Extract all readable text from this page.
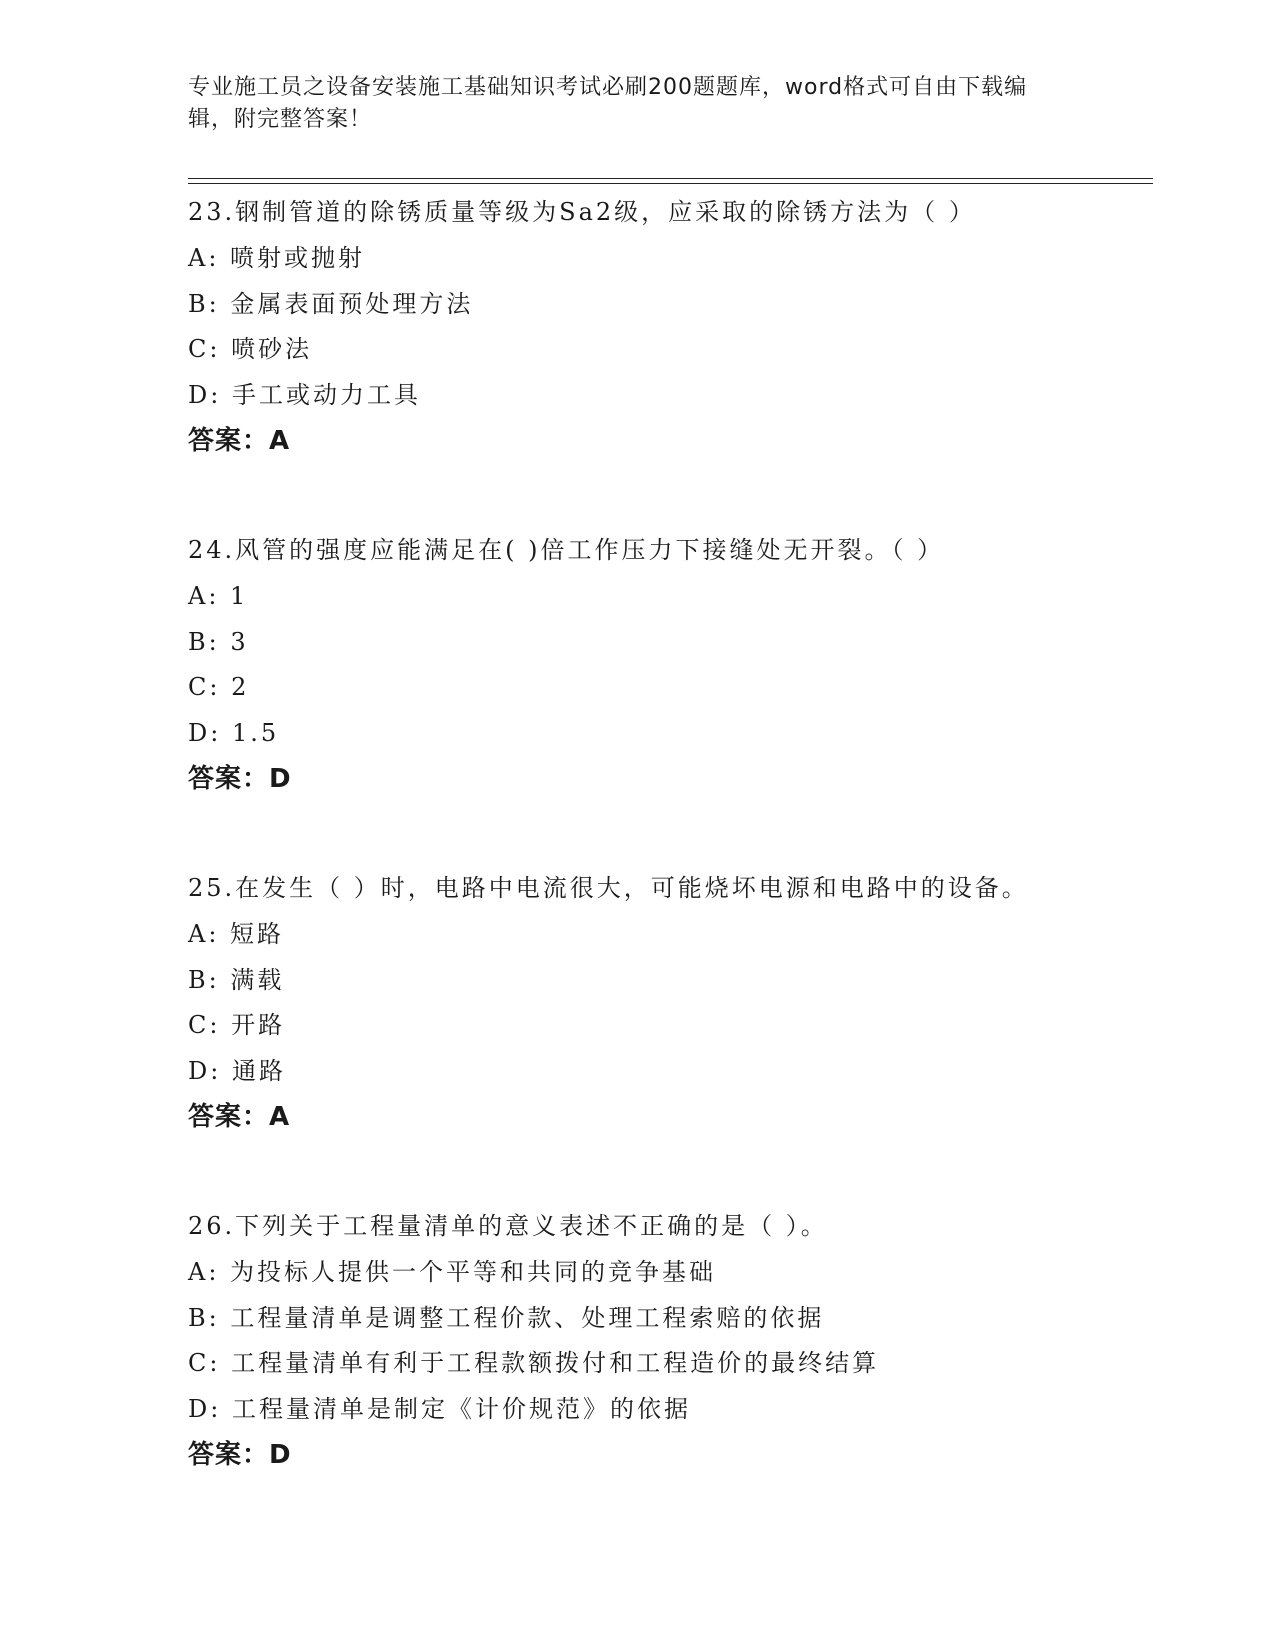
专业施工员之设备安装施工基础知识考试必刷200题题库，word格式可自由下载编辑，附完整答案！

23.钢制管道的除锈质量等级为Sa2级，应采取的除锈方法为（ ）

A: 喷射或抛射

B: 金属表面预处理方法

C: 喷砂法

D: 手工或动力工具

答案：A

24.风管的强度应能满足在( )倍工作压力下接缝处无开裂。（ ）

A: 1

B: 3

C: 2

D: 1.5

答案：D

25.在发生（ ）时，电路中电流很大，可能烧坏电源和电路中的设备。

A: 短路

B: 满载

C: 开路

D: 通路

答案：A

26.下列关于工程量清单的意义表述不正确的是（ ）。

A: 为投标人提供一个平等和共同的竞争基础

B: 工程量清单是调整工程价款、处理工程索赔的依据

C: 工程量清单有利于工程款额拨付和工程造价的最终结算

D: 工程量清单是制定《计价规范》的依据

答案：D
